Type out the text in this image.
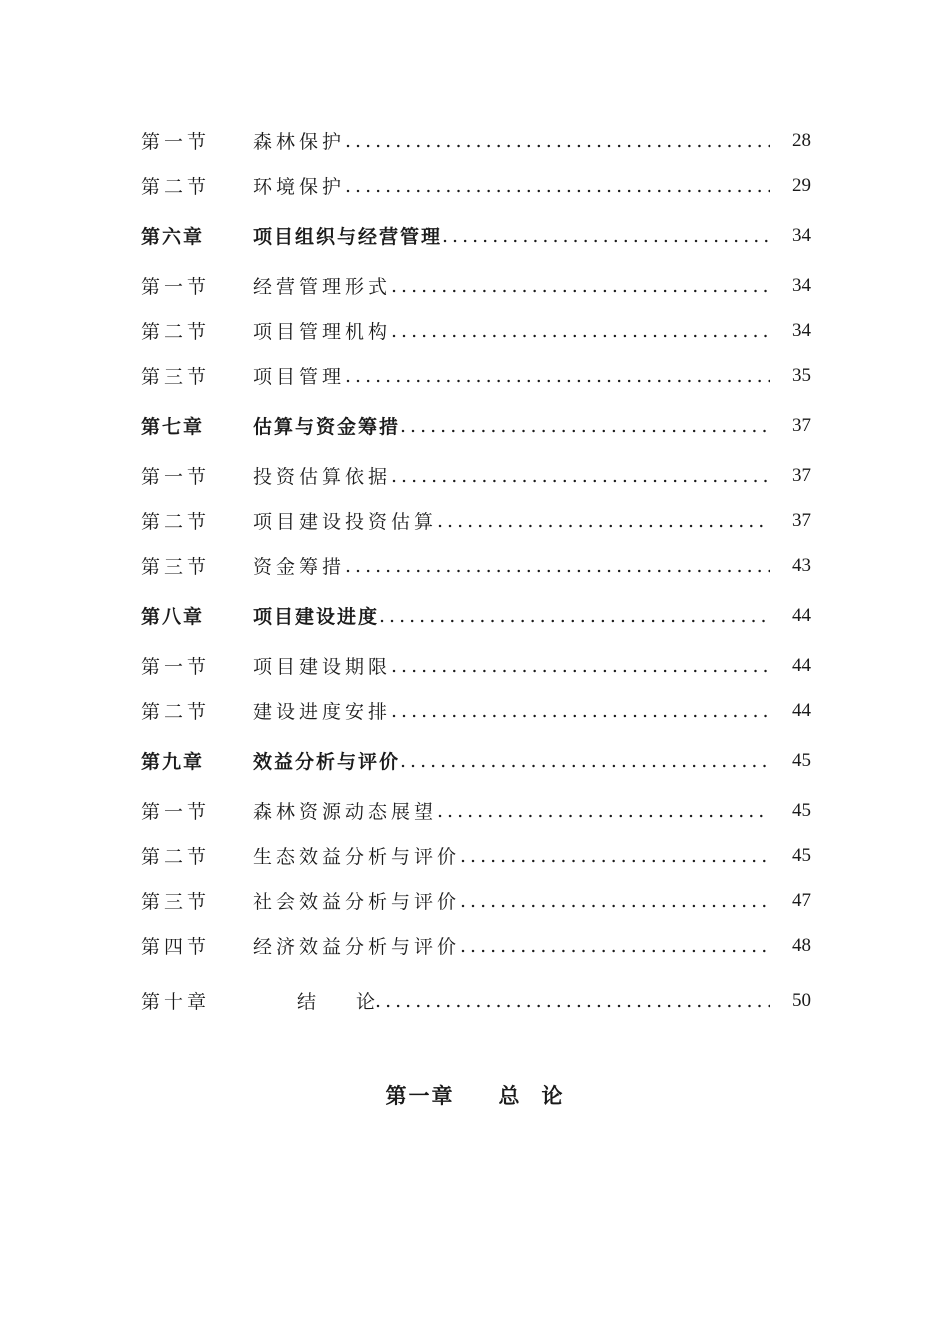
第一节	森林保护 .....	28
第二节	环境保护 .....	29
第六章	项目组织与经营管理 .....	34
第一节	经营管理形式 .....	34
第二节	项目管理机构 .....	34
第三节	项目管理 .....	35
第七章	估算与资金筹措 .....	37
第一节	投资估算依据 .....	37
第二节	项目建设投资估算 .....	37
第三节	资金筹措 .....	43
第八章	项目建设进度 .....	44
第一节	项目建设期限 .....	44
第二节	建设进度安排 .....	44
第九章	效益分析与评价 .....	45
第一节	森林资源动态展望 .....	45
第二节	生态效益分析与评价 .....	45
第三节	社会效益分析与评价 .....	47
第四节	经济效益分析与评价 .....	48
第十章	结 论 .....	50
第一章 总 论
